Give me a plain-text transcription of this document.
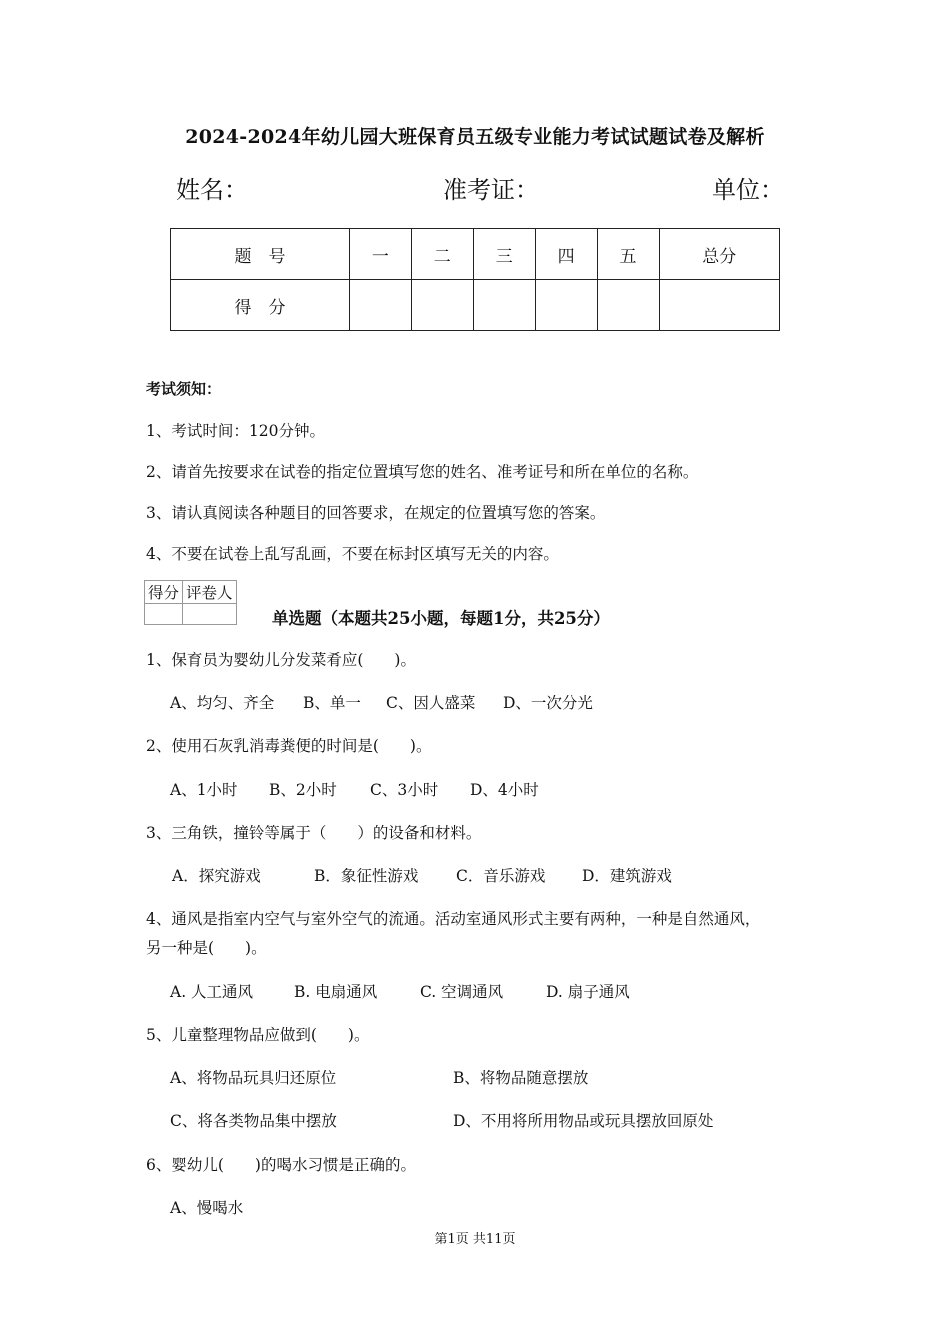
2024-2024年幼儿园大班保育员五级专业能力考试试题试卷及解析
姓名：	准考证：	单位：
题　号	一	二	三	四	五	总分
得　分						
考试须知：
1、考试时间：120分钟。
2、请首先按要求在试卷的指定位置填写您的姓名、准考证号和所在单位的名称。
3、请认真阅读各种题目的回答要求，在规定的位置填写您的答案。
4、不要在试卷上乱写乱画，不要在标封区填写无关的内容。
得分	评卷人

单选题（本题共25小题，每题1分，共25分）
1、保育员为婴幼儿分发菜肴应(　　)。
A、均匀、齐全 B、单一 C、因人盛菜 D、一次分光
2、使用石灰乳消毒粪便的时间是(　　)。
A、1小时 B、2小时 C、3小时 D、4小时
3、三角铁，撞铃等属于（　　）的设备和材料。
A．探究游戏	B．象征性游戏 C．音乐游戏 D．建筑游戏
4、通风是指室内空气与室外空气的流通。活动室通风形式主要有两种，一种是自然通风，
另一种是(　　)。
A. 人工通风	B. 电扇通风	C. 空调通风	D. 扇子通风
5、儿童整理物品应做到(　　)。
A、将物品玩具归还原位	B、将物品随意摆放
C、将各类物品集中摆放	D、不用将所用物品或玩具摆放回原处
6、婴幼儿(　　)的喝水习惯是正确的。
A、慢喝水
第1页 共11页
